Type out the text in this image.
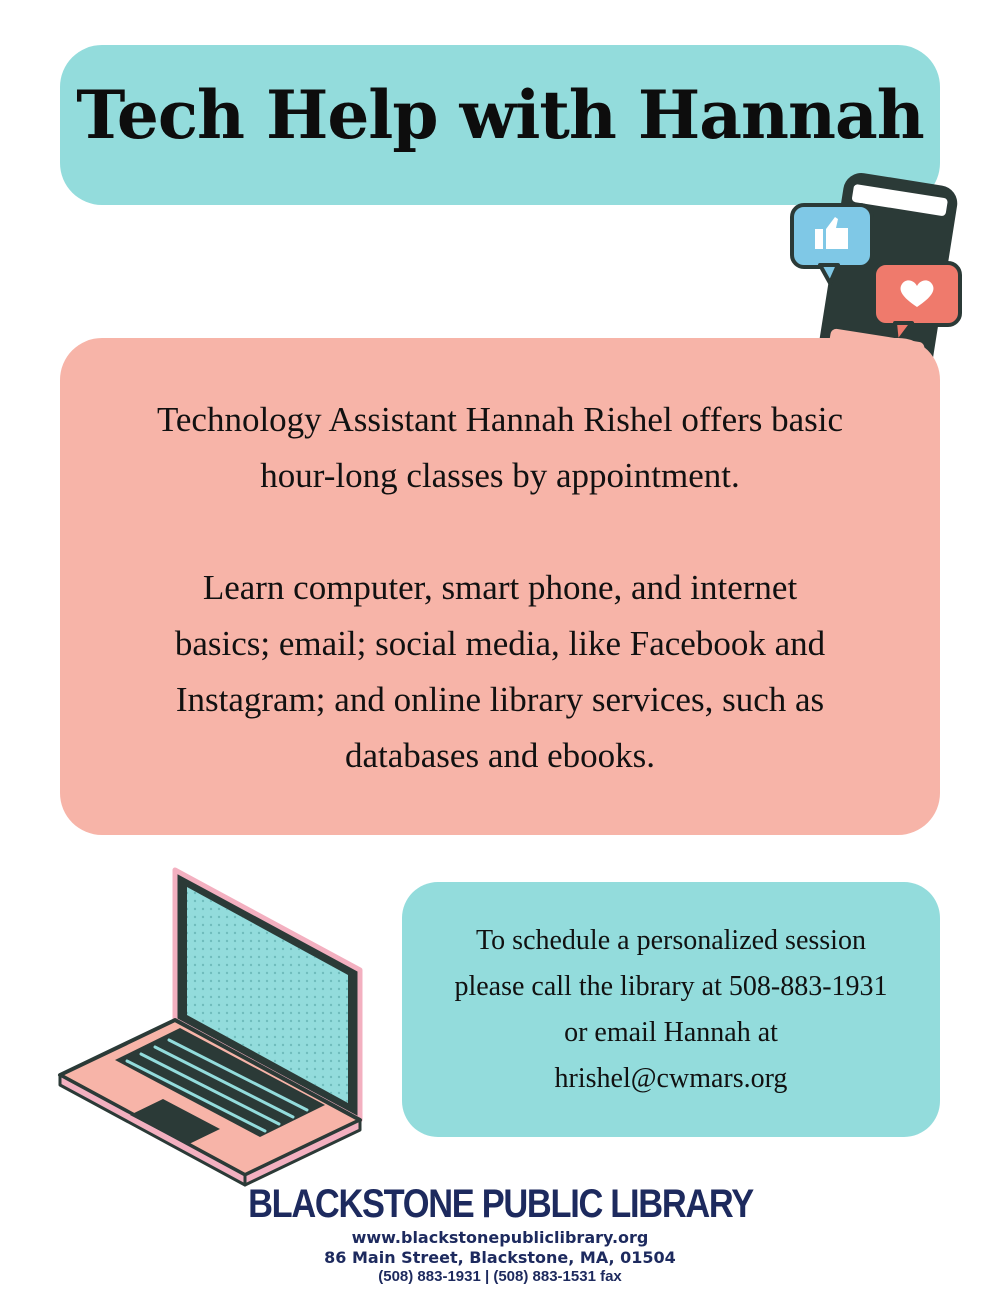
Tech Help with Hannah

Technology Assistant Hannah Rishel offers basic

hour-long classes by appointment.

Learn computer, smart phone, and internet

basics; email; social media, like Facebook and

Instagram; and online library services, such as

databases and ebooks.

To schedule a personalized session

please call the library at 508-883-1931

or email Hannah at

hrishel@cwmars.org

BLACKSTONE PUBLIC LIBRARY
www.blackstonepubliclibrary.org
86 Main Street, Blackstone, MA, 01504
(508) 883-1931 | (508) 883-1531 fax
